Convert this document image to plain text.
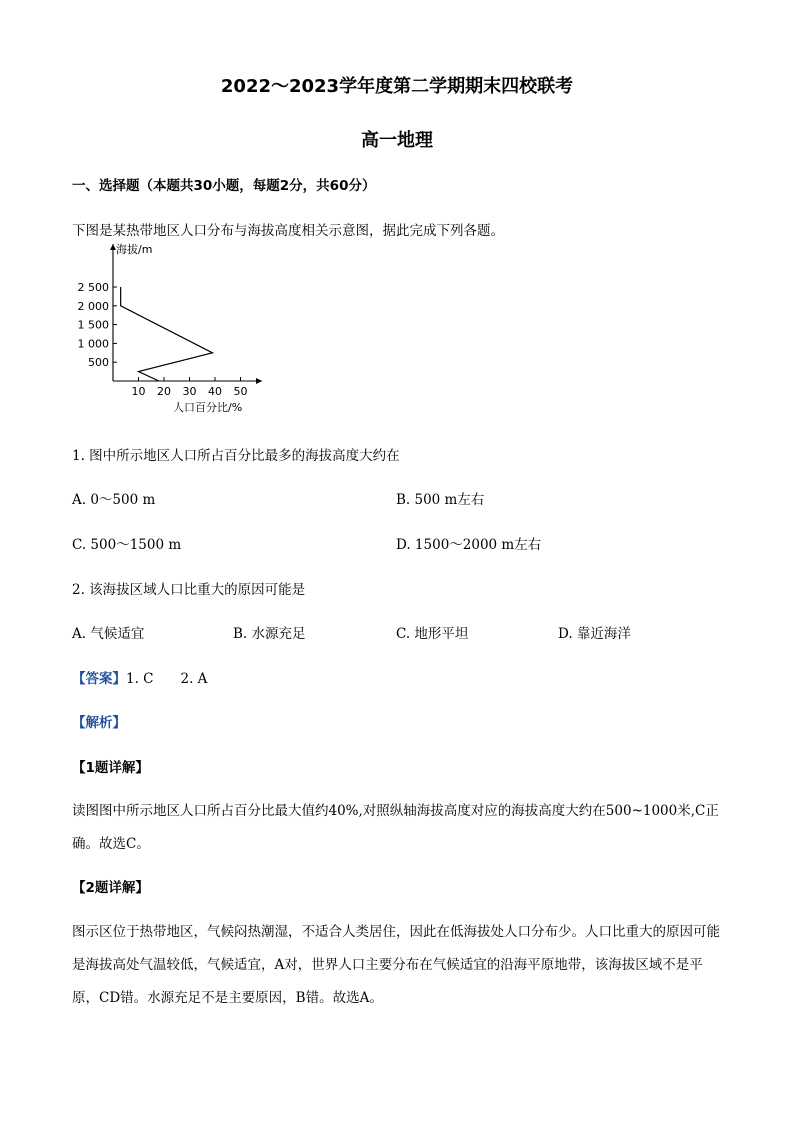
2022～2023学年度第二学期期末四校联考
高一地理
一、选择题（本题共30小题，每题2分，共60分）
下图是某热带地区人口分布与海拔高度相关示意图，据此完成下列各题。
500
1 000
1 500
2 000
2 500
10 20 30 40 50
海拔/m
人口百分比/%
1. 图中所示地区人口所占百分比最多的海拔高度大约在
A. 0～500 m	B. 500 m左右
C. 500～1500 m	D. 1500～2000 m左右
2. 该海拔区域人口比重大的原因可能是
A. 气候适宜	B. 水源充足	C. 地形平坦	D. 靠近海洋
【答案】1. C　　2. A
【解析】
【1题详解】
读图图中所示地区人口所占百分比最大值约40%,对照纵轴海拔高度对应的海拔高度大约在500~1000米,C正确。故选C。
【2题详解】
图示区位于热带地区，气候闷热潮湿，不适合人类居住，因此在低海拔处人口分布少。人口比重大的原因可能是海拔高处气温较低，气候适宜，A对，世界人口主要分布在气候适宜的沿海平原地带，该海拔区域不是平原，CD错。水源充足不是主要原因，B错。故选A。
